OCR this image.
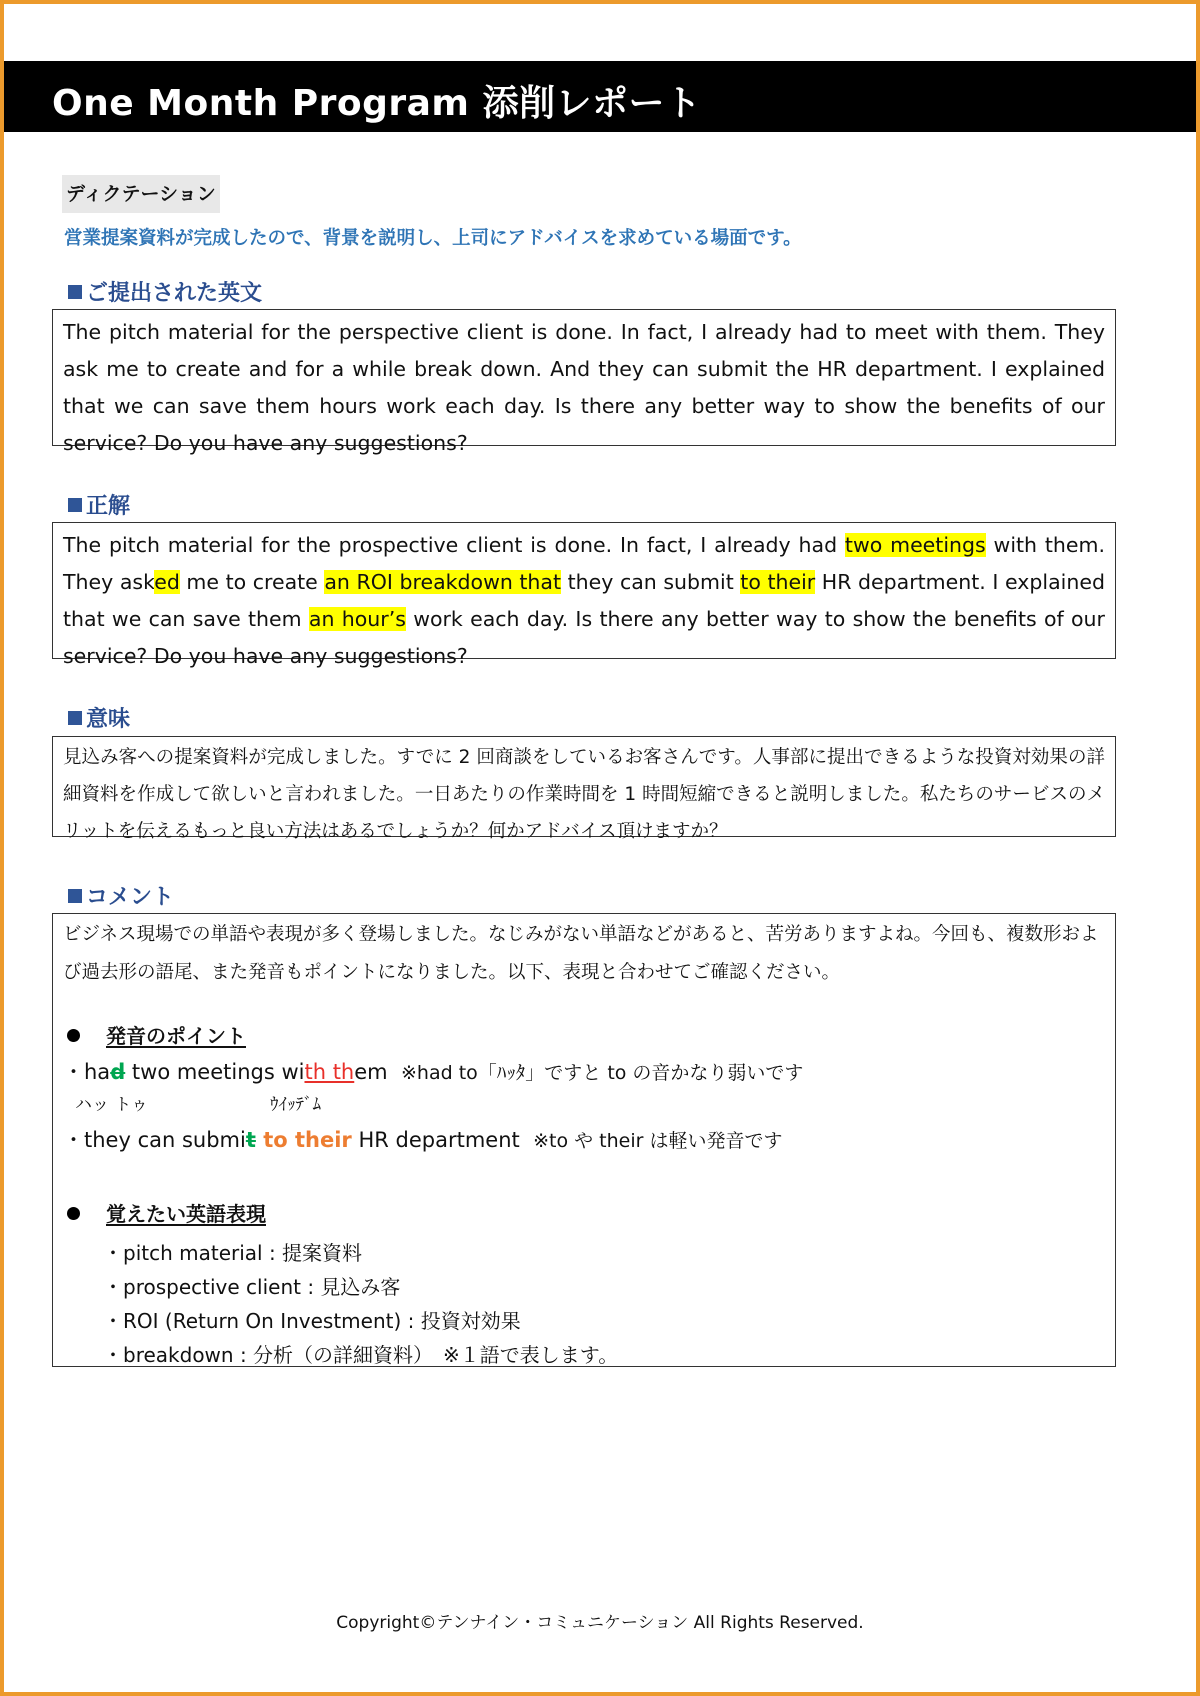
One Month Program 添削レポート
ディクテーション
営業提案資料が完成したので、背景を説明し、上司にアドバイスを求めている場面です。
ご提出された英文
The pitch material for the perspective client is done. In fact, I already had to meet with them. They ask me to create and for a while break down. And they can submit the HR department. I explained that we can save them hours work each day. Is there any better way to show the benefits of our service? Do you have any suggestions?
正解
The pitch material for the prospective client is done. In fact, I already had two meetings with them. They asked me to create an ROI breakdown that they can submit to their HR department. I explained that we can save them an hour’s work each day. Is there any better way to show the benefits of our service? Do you have any suggestions?
意味
見込み客への提案資料が完成しました。すでに 2 回商談をしているお客さんです。人事部に提出できるような投資対効果の詳細資料を作成して欲しいと言われました。一日あたりの作業時間を 1 時間短縮できると説明しました。私たちのサービスのメリットを伝えるもっと良い方法はあるでしょうか？何かアドバイス頂けますか？
コメント
ビジネス現場での単語や表現が多く登場しました。なじみがない単語などがあると、苦労ありますよね。今回も、複数形および過去形の語尾、また発音もポイントになりました。以下、表現と合わせてご確認ください。
発音のポイント
・had two meetings with them ※had to「ﾊｯﾀ」ですと to の音かなり弱いです
ハッ トゥ	ｳｲｯﾃﾞﾑ
・they can submit to their HR department ※to や their は軽い発音です
覚えたい英語表現
・pitch material : 提案資料
・prospective client : 見込み客
・ROI (Return On Investment) : 投資対効果
・breakdown : 分析（の詳細資料）　※１語で表します。
Copyright©テンナイン・コミュニケーション All Rights Reserved.
